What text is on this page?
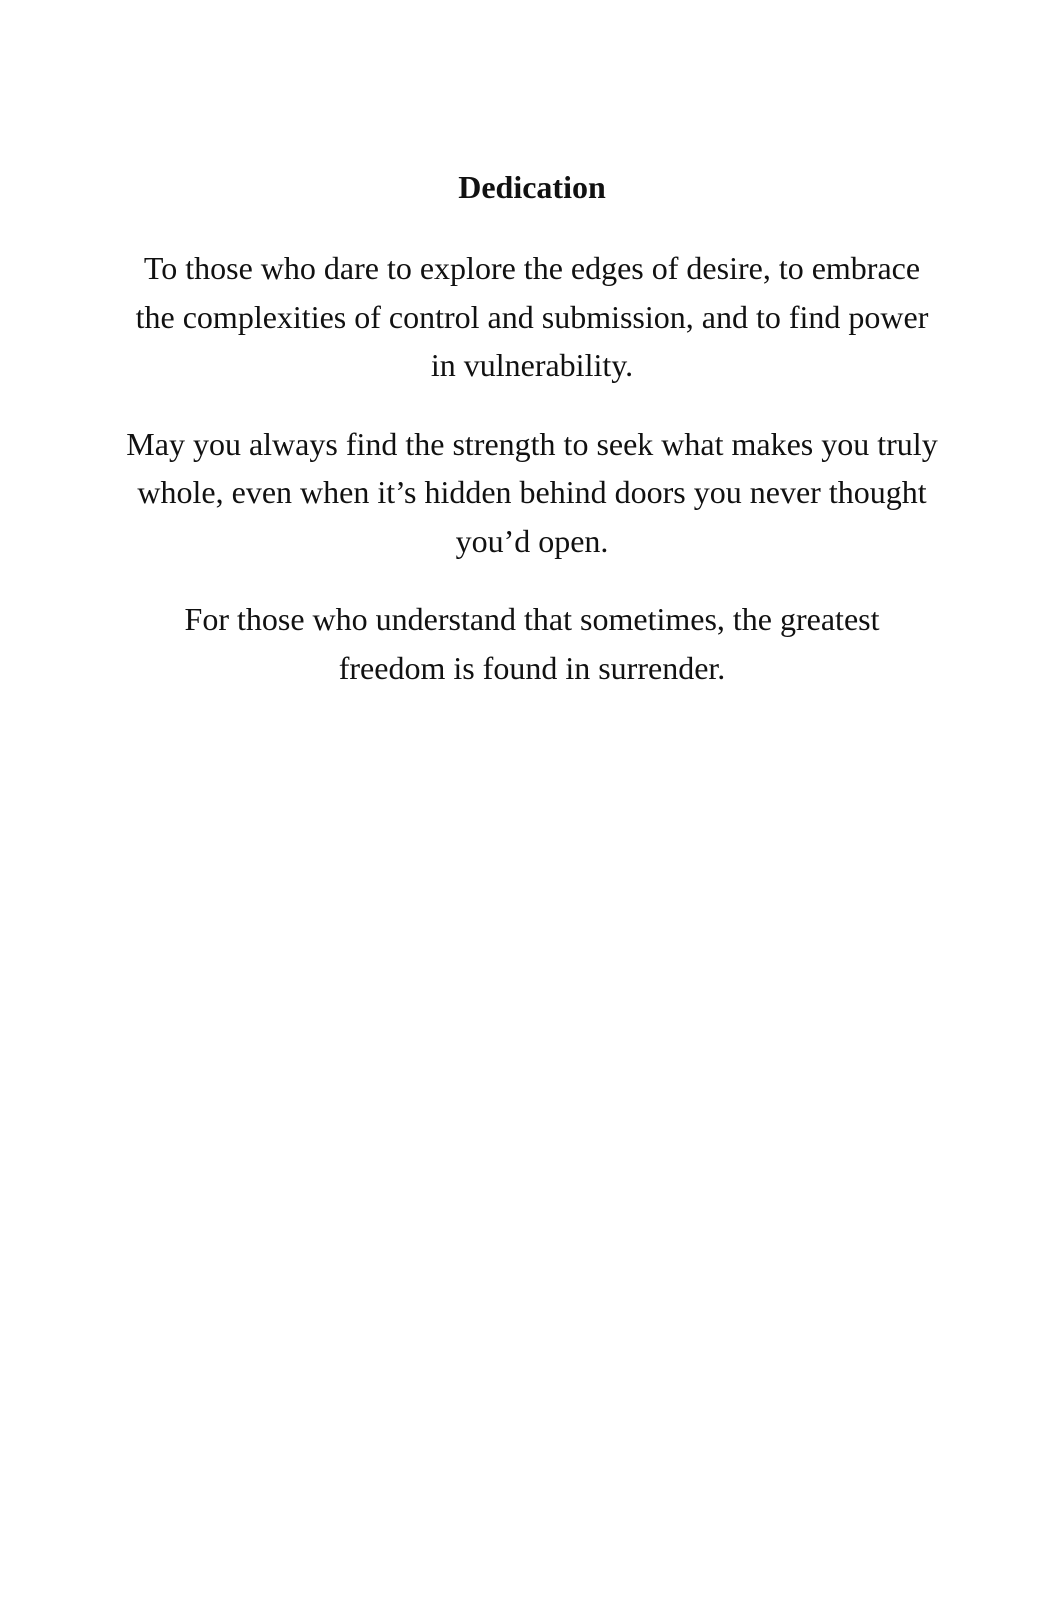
Dedication

To those who dare to explore the edges of desire, to embrace
the complexities of control and submission, and to find power
in vulnerability.

May you always find the strength to seek what makes you truly
whole, even when it’s hidden behind doors you never thought
you’d open.

For those who understand that sometimes, the greatest
freedom is found in surrender.
